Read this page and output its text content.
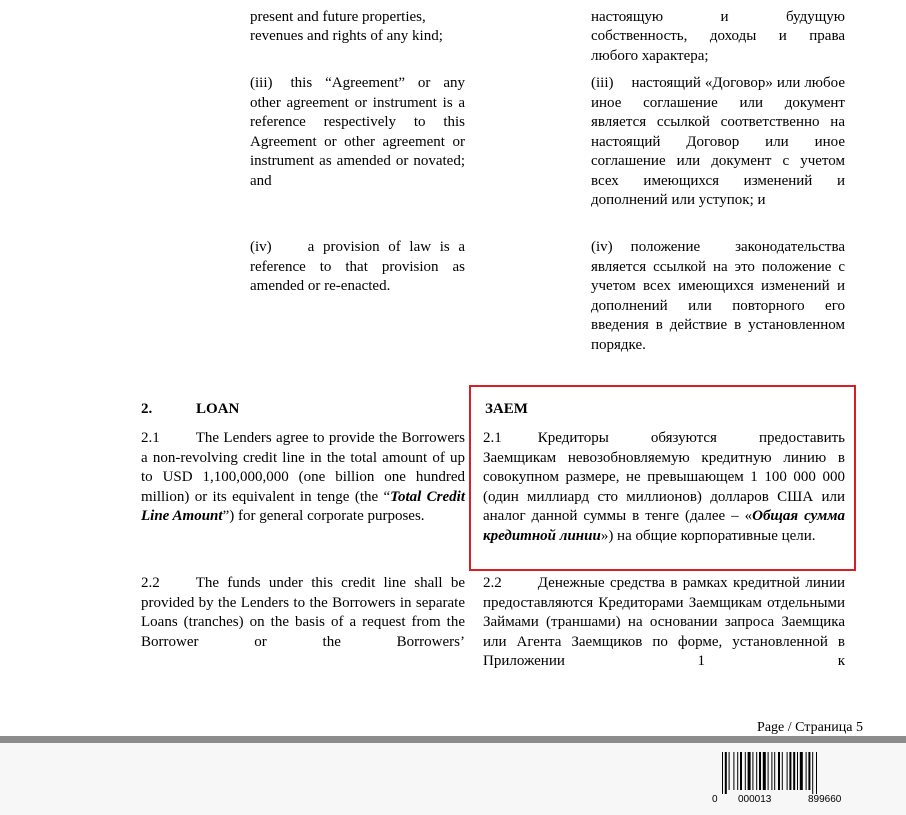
present and future properties,

revenues and rights of any kind;

(iii) this “Agreement” or any other agreement or instrument is a reference respectively to this Agreement or other agreement or instrument as amended or novated; and

(iv) a provision of law is a reference to that provision as amended or re-enacted.

2.	LOAN

2.1 The Lenders agree to provide the Borrowers a non-revolving credit line in the total amount of up to USD 1,100,000,000 (one billion one hundred million) or its equivalent in tenge (the “Total Credit Line Amount”) for general corporate purposes.

2.2 The funds under this credit line shall be provided by the Lenders to the Borrowers in separate Loans (tranches) on the basis of a request from the Borrower or the Borrowers’

настоящую и будущую

собственность, доходы и права

любого характера;

(iii) настоящий «Договор» или любое иное соглашение или документ является ссылкой соответственно на настоящий Договор или иное соглашение или документ с учетом всех имеющихся изменений и дополнений или уступок; и

(iv) положение законодательства является ссылкой на это положение с учетом всех имеющихся изменений и дополнений или повторного его введения в действие в установленном порядке.

ЗАЕМ

2.1 Кредиторы обязуются предоставить Заемщикам невозобновляемую кредитную линию в совокупном размере, не превышающем 1 100 000 000 (один миллиард сто миллионов) долларов США или аналог данной суммы в тенге (далее – «Общая сумма кредитной линии») на общие корпоративные цели.

2.2 Денежные средства в рамках кредитной линии предоставляются Кредиторами Заемщикам отдельными Займами (траншами) на основании запроса Заемщика или Агента Заемщиков по форме, установленной в Приложении 1 к

Page / Страница 5
0 000013	899660
